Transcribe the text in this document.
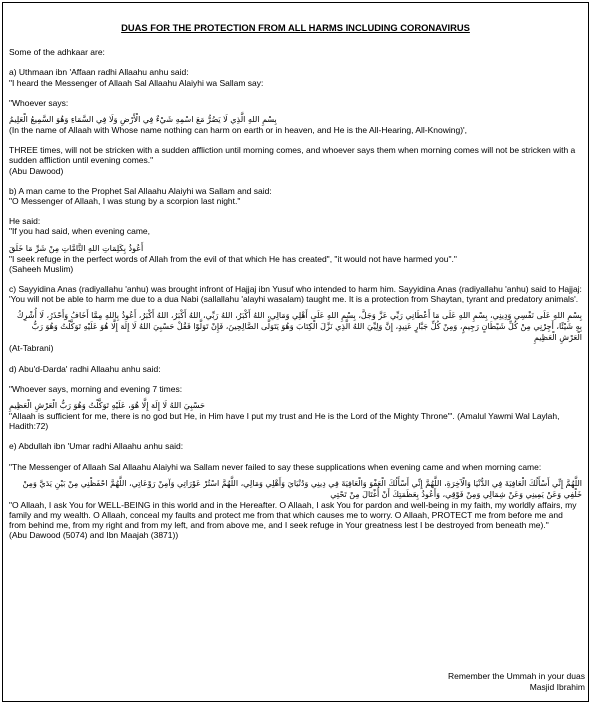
DUAS FOR THE PROTECTION FROM ALL HARMS INCLUDING CORONAVIRUS

Some of the adhkaar are:

a) Uthmaan ibn 'Affaan radhi Allaahu anhu said:

"I heard the Messenger of Allaah Sal Allaahu Alaiyhi wa Sallam say:

"Whoever says:

بِسْمِ اللهِ الَّذِي لَا يَضُرُّ مَعَ اسْمِهِ شَيْءٌ فِي الْأَرْضِ وَلَا فِي السَّمَاءِ وَهُوَ السَّمِيعُ الْعَلِيمُ

(In the name of Allaah with Whose name nothing can harm on earth or in heaven, and He is the All-Hearing, All-Knowing)',

THREE times, will not be stricken with a sudden affliction until morning comes, and whoever says them when morning comes will not be stricken with a sudden affliction until evening comes."

(Abu Dawood)

b) A man came to the Prophet Sal Allaahu Alaiyhi wa Sallam and said:

"O Messenger of Allaah, I was stung by a scorpion last night."

He said:

"If you had said, when evening came,

أَعُوذُ بِكَلِمَاتِ اللهِ التَّامَّاتِ مِنْ شَرِّ مَا خَلَقَ

"I seek refuge in the perfect words of Allah from the evil of that which He has created", "it would not have harmed you"."

(Saheeh Muslim)

c) Sayyidina Anas (radiyallahu 'anhu) was brought infront of Hajjaj ibn Yusuf who intended to harm him. Sayyidina Anas (radiyallahu 'anhu) said to Hajjaj:

'You will not be able to harm me due to a dua Nabi (sallallahu 'alayhi wasalam) taught me. It is a protection from Shaytan, tyrant and predatory animals'.

بِسْمِ اللهِ عَلَى نَفْسِي وَدِينِي، بِسْمِ اللهِ عَلَى مَا أَعْطَانِي رَبِّي عَزَّ وَجَلَّ، بِسْمِ اللهِ عَلَى أَهْلِي وَمَالِي، اللهُ أَكْبَرُ، اللهُ رَبِّي، اللهُ أَكْبَرُ، اللهُ أَكْبَرُ، أَعُوذُ بِاللهِ مِمَّا أَخَافُ وَأَحْذَرُ، لَا أُشْرِكُ بِهِ شَيْئًا، أَجِرْنِي مِنْ كُلِّ شَيْطَانٍ رَجِيمٍ، وَمِنْ كُلِّ جَبَّارٍ عَنِيدٍ، إِنَّ وَلِيِّيَ اللهُ الَّذِي نَزَّلَ الْكِتَابَ وَهُوَ يَتَوَلَّى الصَّالِحِينَ، فَإِنْ تَوَلَّوْا فَقُلْ حَسْبِيَ اللهُ لَا إِلَهَ إِلَّا هُوَ عَلَيْهِ تَوَكَّلْتُ وَهُوَ رَبُّ الْعَرْشِ الْعَظِيمِ

(At-Tabrani)

d) Abu'd-Darda' radhi Allaahu anhu said:

"Whoever says, morning and evening 7 times:

حَسْبِيَ اللهُ لَا إِلَهَ إِلَّا هُوَ، عَلَيْهِ تَوَكَّلْتُ وَهُوَ رَبُّ الْعَرْشِ الْعَظِيمِ

"Allaah is sufficient for me, there is no god but He, in Him have I put my trust and He is the Lord of the Mighty Throne"'. (Amalul Yawmi Wal Laylah, Hadith:72)

e) Abdullah ibn 'Umar radhi Allaahu anhu said:

"The Messenger of Allaah Sal Allaahu Alaiyhi wa Sallam never failed to say these supplications when evening came and when morning came:

اللَّهُمَّ إِنِّي أَسْأَلُكَ الْعَافِيَةَ فِي الدُّنْيَا وَالْآخِرَةِ، اللَّهُمَّ إِنِّي أَسْأَلُكَ الْعَفْوَ وَالْعَافِيَةَ فِي دِينِي وَدُنْيَايَ وَأَهْلِي وَمَالِي، اللَّهُمَّ اسْتُرْ عَوْرَاتِي وَآمِنْ رَوْعَاتِي، اللَّهُمَّ احْفَظْنِي مِنْ بَيْنِ يَدَيَّ وَمِنْ خَلْفِي وَعَنْ يَمِينِي وَعَنْ شِمَالِي وَمِنْ فَوْقِي، وَأَعُوذُ بِعَظَمَتِكَ أَنْ أُغْتَالَ مِنْ تَحْتِي

"O Allaah, I ask You for WELL-BEING in this world and in the Hereafter. O Allaah, I ask You for pardon and well-being in my faith, my worldly affairs, my family and my wealth. O Allaah, conceal my faults and protect me from that which causes me to worry. O Allaah, PROTECT me from before me and from behind me, from my right and from my left, and from above me, and I seek refuge in Your greatness lest I be destroyed from beneath me)."

(Abu Dawood (5074) and Ibn Maajah (3871))

Remember the Ummah in your duas

Masjid Ibrahim
